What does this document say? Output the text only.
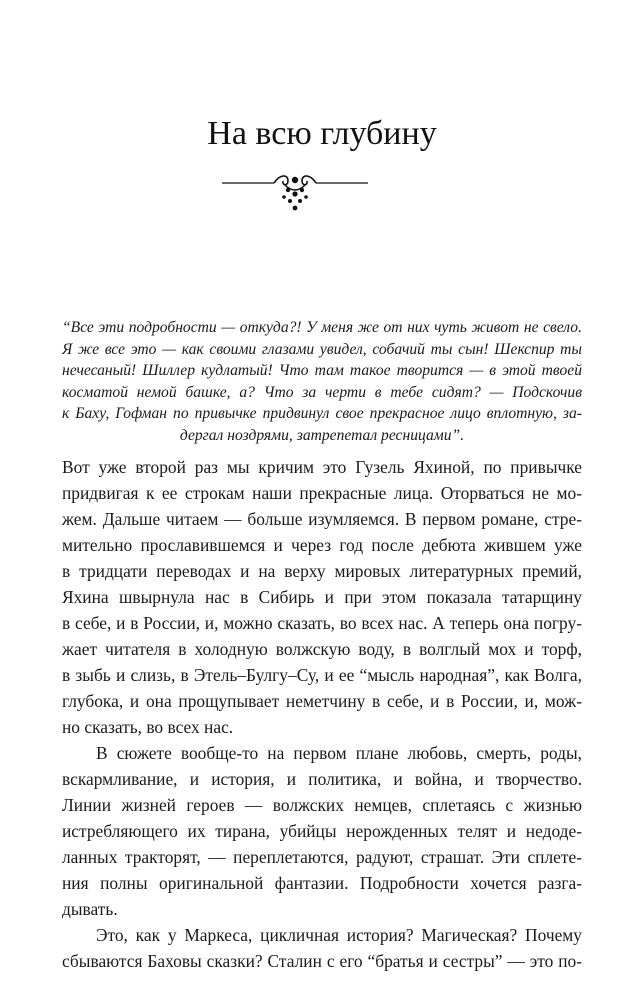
На всю глубину
“Все эти подробности — откуда?! У меня же от них чуть живот не свело.
Я же все это — как своими глазами увидел, собачий ты сын! Шекспир ты
нечесаный! Шиллер кудлатый! Что там такое творится — в этой твоей
косматой немой башке, а? Что за черти в тебе сидят? — Подскочив
к Баху, Гофман по привычке придвинул свое прекрасное лицо вплотную, за-
дергал ноздрями, затрепетал ресницами”.
Вот уже второй раз мы кричим это Гузель Яхиной, по привычке
придвигая к ее строкам наши прекрасные лица. Оторваться не мо-
жем. Дальше читаем — больше изумляемся. В первом романе, стре-
мительно прославившемся и через год после дебюта жившем уже
в тридцати переводах и на верху мировых литературных премий,
Яхина швырнула нас в Сибирь и при этом показала татарщину
в себе, и в России, и, можно сказать, во всех нас. А теперь она погру-
жает читателя в холодную волжскую воду, в волглый мох и торф,
в зыбь и слизь, в Этель–Булгу–Су, и ее “мысль народная”, как Волга,
глубока, и она прощупывает неметчину в себе, и в России, и, мож-
но сказать, во всех нас.
В сюжете вообще-то на первом плане любовь, смерть, роды,
вскармливание, и история, и политика, и война, и творчество.
Линии жизней героев — волжских немцев, сплетаясь с жизнью
истребляющего их тирана, убийцы нерожденных телят и недоде-
ланных тракторят, — переплетаются, радуют, страшат. Эти сплете-
ния полны оригинальной фантазии. Подробности хочется разга-
дывать.
Это, как у Маркеса, цикличная история? Магическая? Почему
сбываются Баховы сказки? Сталин с его “братья и сестры” — это по-
